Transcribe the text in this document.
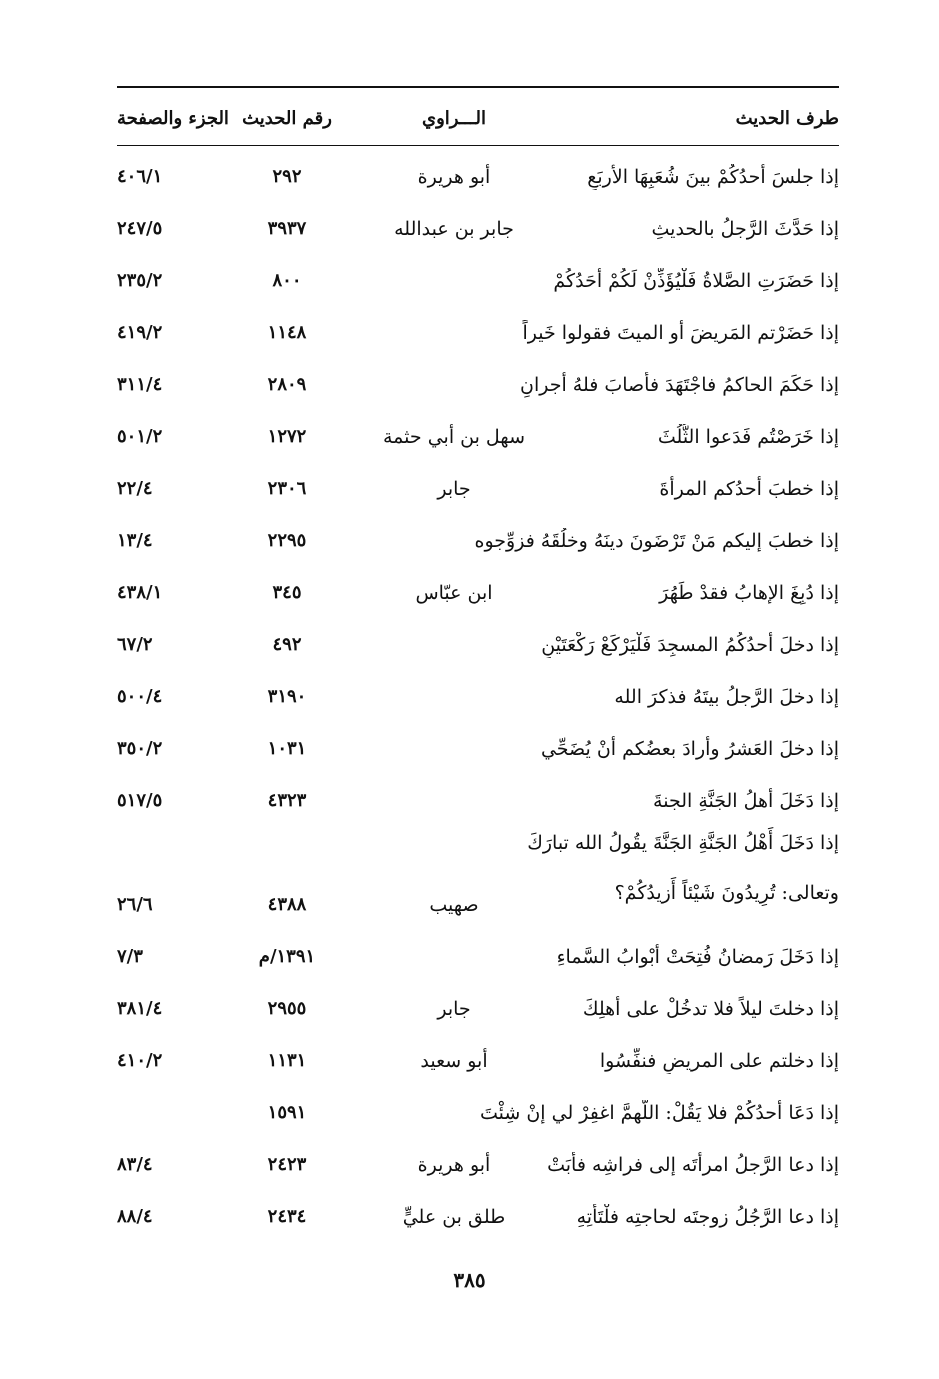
طرف الحديث
الـــراوي
رقم الحديث
الجزء والصفحة
إذا جلسَ أحدُكُمْ بينَ شُعَبِهَا الأربَعِ
أبو هريرة
٢٩٢
٤٠٦/١
إذا حَدَّثَ الرَّجلُ بالحديثِ
جابر بن عبدالله
٣٩٣٧
٢٤٧/٥
إذا حَضَرَتِ الصَّلاةُ فَلْيُؤَذِّنْ لَكُمْ أَحَدُكُمْ
٨٠٠
٢٣٥/٢
إذا حَضَرْتم المَريضَ أو الميتَ فقولوا خَيراً
١١٤٨
٤١٩/٢
إذا حَكَمَ الحاكمُ فاجْتَهَدَ فأصابَ فلهُ أجرانِ
٢٨٠٩
٣١١/٤
إذا خَرَصْتُم فَدَعوا الثُّلُثَ
سهل بن أبي حثمة
١٢٧٢
٥٠١/٢
إذا خطبَ أحدُكم المرأةَ
جابر
٢٣٠٦
٢٢/٤
إذا خطبَ إليكم مَنْ تَرْضَونَ دينَهُ وخلُقَهُ فزوِّجوه
٢٢٩٥
١٣/٤
إذا دُبِغَ الإهابُ فقدْ طَهُرَ
ابن عبّاس
٣٤٥
٤٣٨/١
إذا دخلَ أحدُكُمُ المسجِدَ فَلْيَرْكَعْ رَكْعَتَيْنِ
٤٩٢
٦٧/٢
إذا دخلَ الرَّجلُ بيتَهُ فذكرَ الله
٣١٩٠
٥٠٠/٤
إذا دخلَ العَشرُ وأرادَ بعضُكم أنْ يُضَحِّي
١٠٣١
٣٥٠/٢
إذا دَخَلَ أهلُ الجَنَّةِ الجنةَ
٤٣٢٣
٥١٧/٥
إذا دَخَلَ أَهْلُ الجَنَّةِ الجَنَّةَ يقُولُ الله تبارَكَ
وتعالى: تُرِيدُونَ شَيْئاً أَزيدُكُمْ؟
صهيب
٤٣٨٨
٢٦/٦
إذا دَخَلَ رَمضانُ فُتِحَتْ أَبْوابُ السَّماءِ
١٣٩١/م
٧/٣
إذا دخلتَ ليلاً فلا تدخُلْ على أهلِكَ
جابر
٢٩٥٥
٣٨١/٤
إذا دخلتم على المريضِ فنفِّسُوا
أبو سعيد
١١٣١
٤١٠/٢
إذا دَعَا أحدُكُمْ فلا يَقُلْ: اللَّهمَّ اغفِرْ لي إنْ شِئْتَ
١٥٩١
إذا دعا الرَّجلُ امرأتَه إلى فراشِه فأبَتْ
أبو هريرة
٢٤٢٣
٨٣/٤
إذا دعا الرَّجُلُ زوجتَه لحاجتِه فلْتَأْتِهِ
طلق بن عليٍّ
٢٤٣٤
٨٨/٤
٣٨٥
